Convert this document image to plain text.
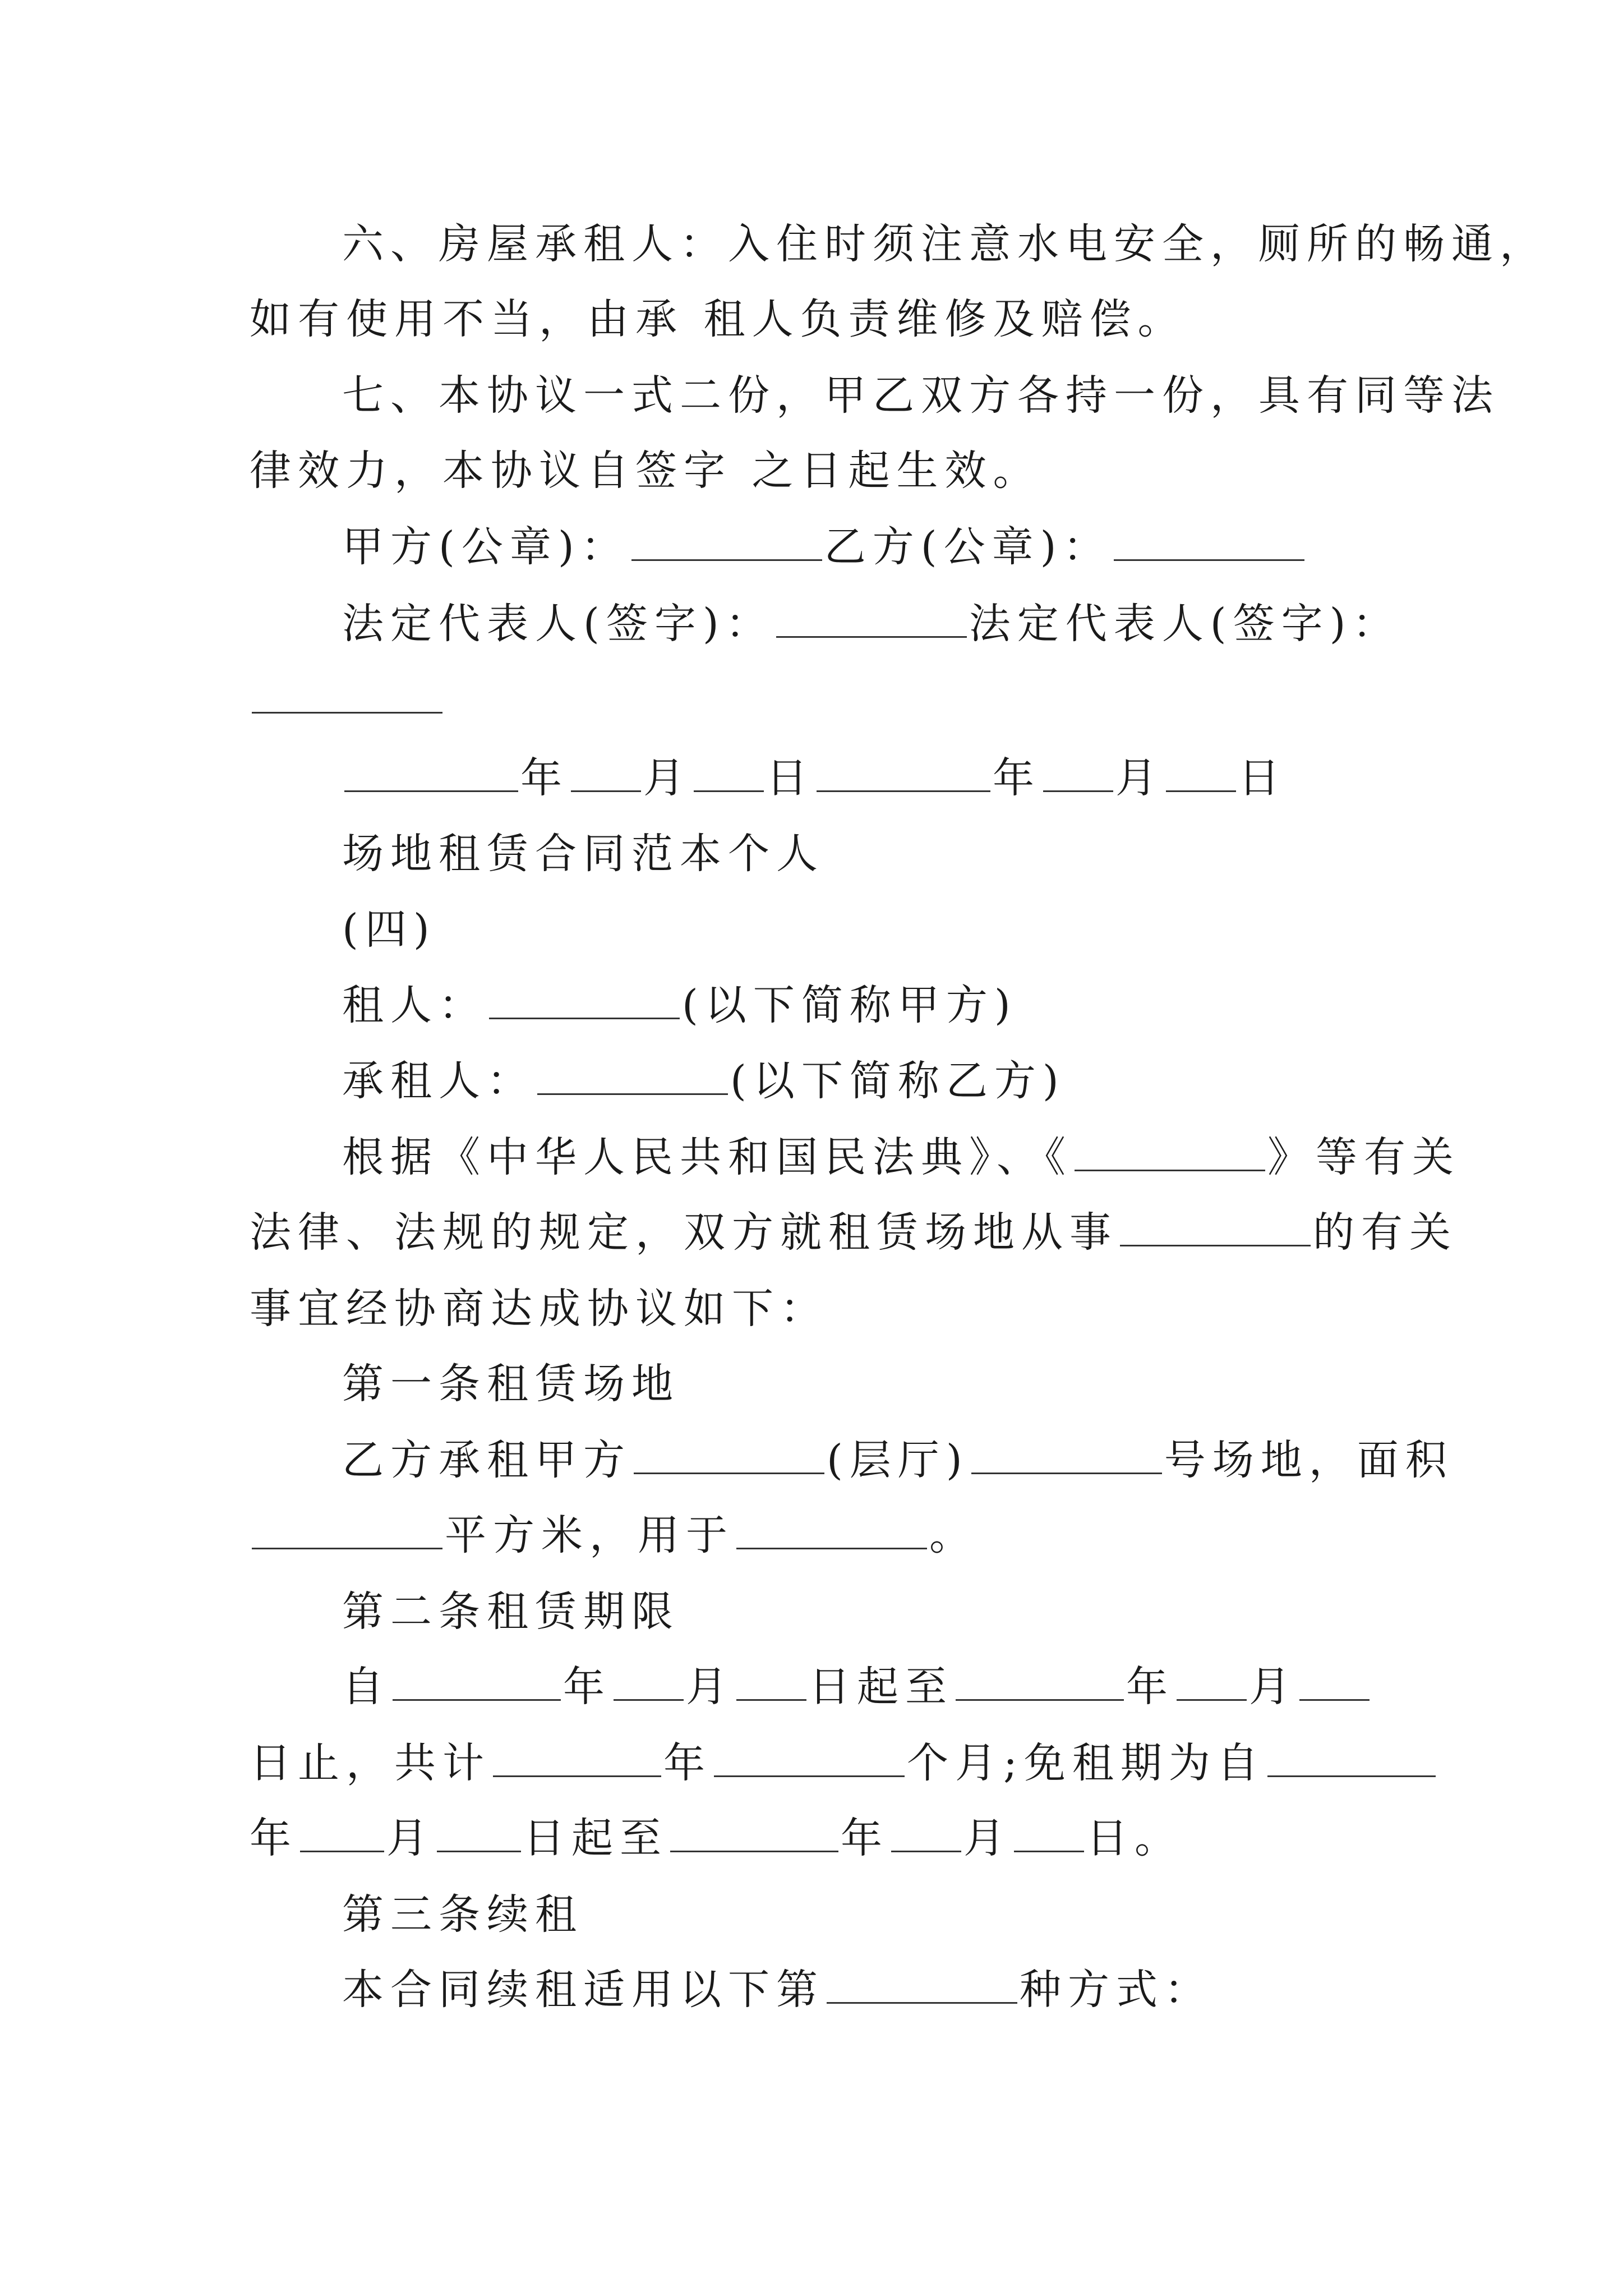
六、房屋承租人：入住时须注意水电安全，厕所的畅通，
如有使用不当，由承 租人负责维修及赔偿。
七、本协议一式二份，甲乙双方各持一份，具有同等法
律效力，本协议自签字 之日起生效。
甲方(公章)：	乙方(公章)：
法定代表人(签字)：	法定代表人(签字)：
年 月 日	年 月 日
场地租赁合同范本个人
(四)
租人：	(以下简称甲方)
承租人：	(以下简称乙方)
根据《中华人民共和国民法典》、《	》等有关
法律、法规的规定，双方就租赁场地从事	的有关
事宜经协商达成协议如下：
第一条租赁场地
乙方承租甲方	(层厅)	号场地，面积
平方米，用于	。
第二条租赁期限
自	年 月 日起至	年 月
日止，共计	年	个月;免租期为自
年 月 日起至	年 月 日。
第三条续租
本合同续租适用以下第	种方式：
